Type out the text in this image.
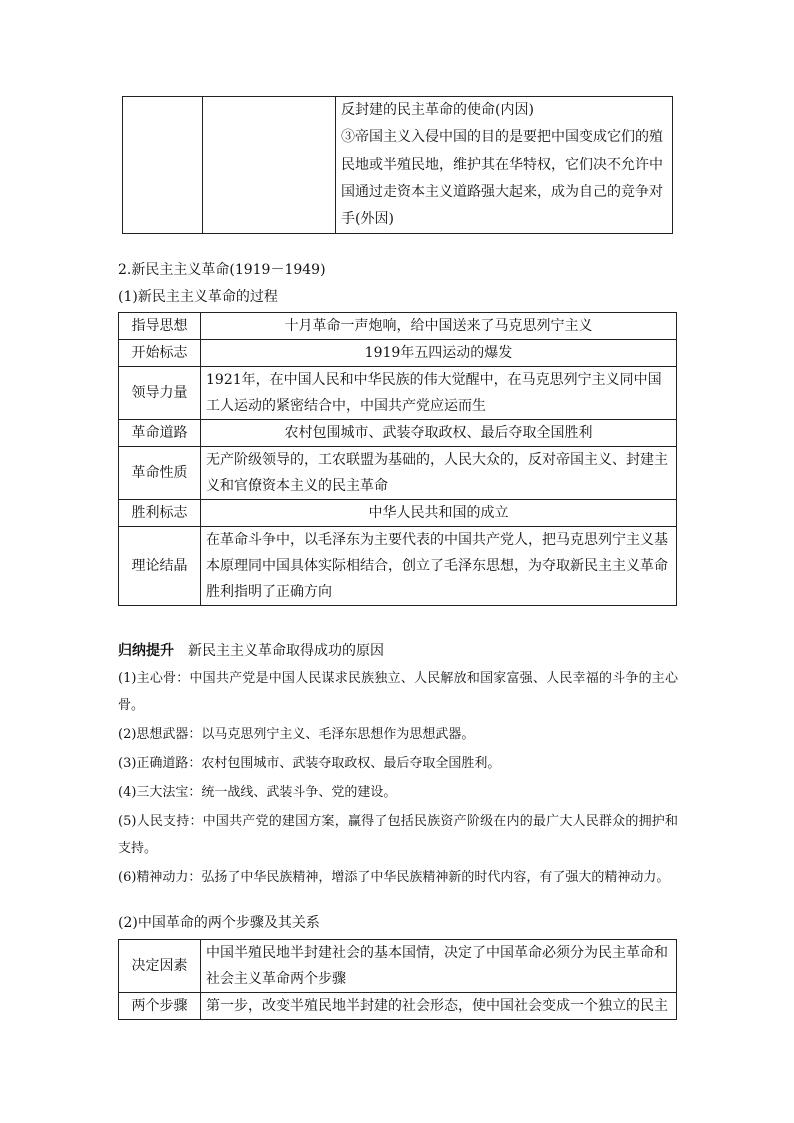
反封建的民主革命的使命(内因)
③帝国主义入侵中国的目的是要把中国变成它们的殖
民地或半殖民地，维护其在华特权，它们决不允许中
国通过走资本主义道路强大起来，成为自己的竞争对
手(外因)
2.新民主主义革命(1919－1949)
(1)新民主主义革命的过程
指导思想	十月革命一声炮响，给中国送来了马克思列宁主义
开始标志	1919年五四运动的爆发
领导力量	1921年，在中国人民和中华民族的伟大觉醒中，在马克思列宁主义同中国工人运动的紧密结合中，中国共产党应运而生
革命道路	农村包围城市、武装夺取政权、最后夺取全国胜利
革命性质	无产阶级领导的，工农联盟为基础的，人民大众的，反对帝国主义、封建主义和官僚资本主义的民主革命
胜利标志	中华人民共和国的成立
理论结晶	在革命斗争中，以毛泽东为主要代表的中国共产党人，把马克思列宁主义基本原理同中国具体实际相结合，创立了毛泽东思想，为夺取新民主主义革命胜利指明了正确方向
归纳提升 新民主主义革命取得成功的原因

(1)主心骨：中国共产党是中国人民谋求民族独立、人民解放和国家富强、人民幸福的斗争的主心骨。

(2)思想武器：以马克思列宁主义、毛泽东思想作为思想武器。

(3)正确道路：农村包围城市、武装夺取政权、最后夺取全国胜利。

(4)三大法宝：统一战线、武装斗争、党的建设。

(5)人民支持：中国共产党的建国方案，赢得了包括民族资产阶级在内的最广大人民群众的拥护和支持。

(6)精神动力：弘扬了中华民族精神，增添了中华民族精神新的时代内容，有了强大的精神动力。

(2)中国革命的两个步骤及其关系
决定因素	中国半殖民地半封建社会的基本国情，决定了中国革命必须分为民主革命和社会主义革命两个步骤
两个步骤	第一步，改变半殖民地半封建的社会形态，使中国社会变成一个独立的民主
